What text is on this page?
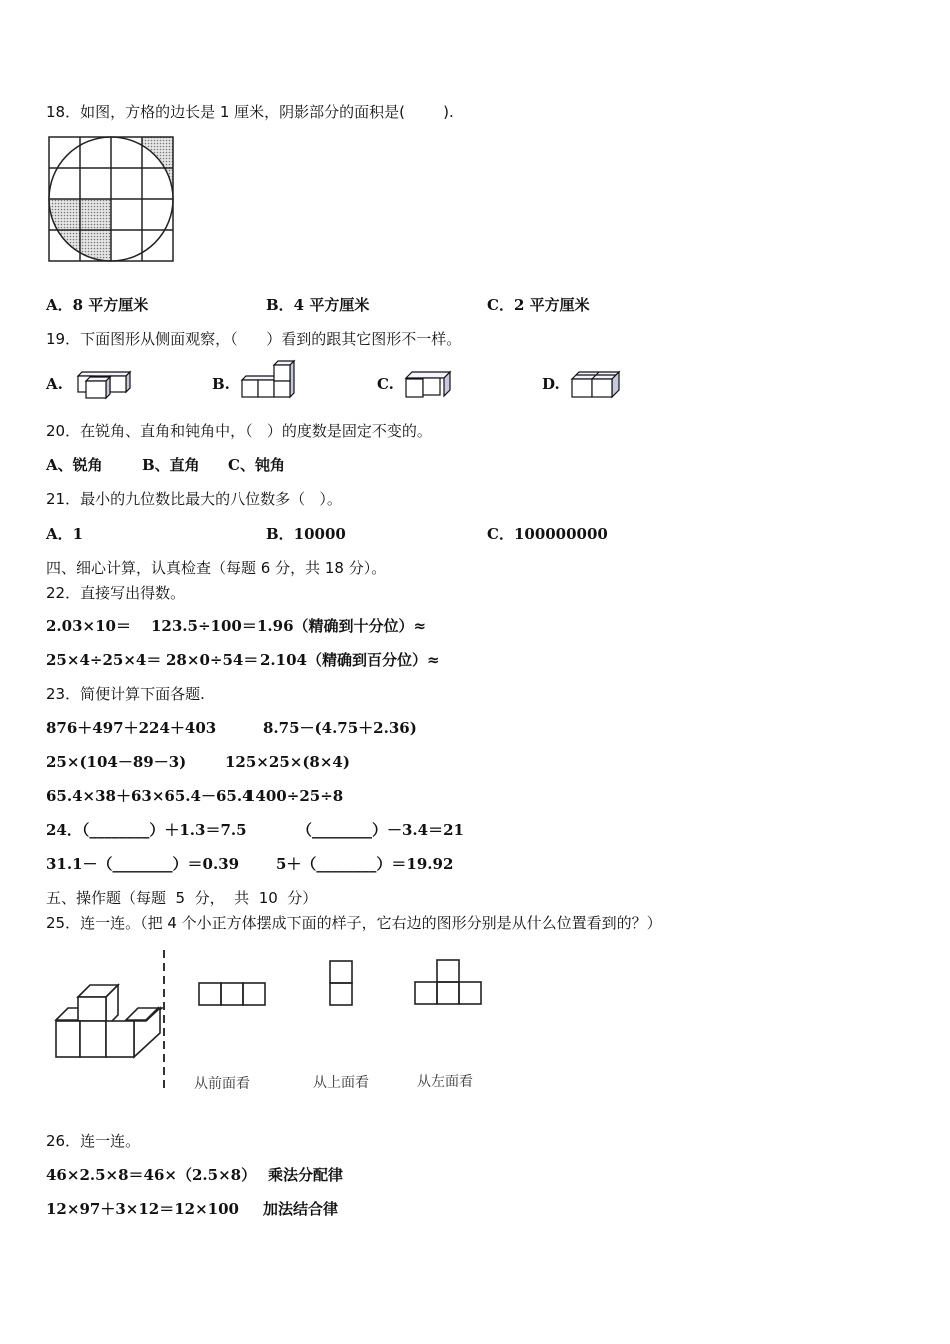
18．如图，方格的边长是 1 厘米，阴影部分的面积是(        ).
A．8 平方厘米	B．4 平方厘米	C．2 平方厘米
19．下面图形从侧面观察，（      ）看到的跟其它图形不一样。
A.	B.	C.	D.
20．在锐角、直角和钝角中，（   ）的度数是固定不变的。
A、锐角	B、直角 C、钝角
21．最小的九位数比最大的八位数多（   ）。
A．1	B．10000	C．100000000
四、细心计算，认真检查（每题 6 分，共 18 分）。
22．直接写出得数。
2.03×10＝ 123.5÷100＝ 1.96（精确到十分位）≈
25×4÷25×4＝ 28×0÷54＝ 2.104（精确到百分位）≈
23．简便计算下面各题.
876＋497＋224＋403	8.75－(4.75＋2.36)
25×(104－89－3)	125×25×(8×4)
65.4×38＋63×65.4－65.4
1400÷25÷8
24．（________）＋1.3＝7.5	（________）－3.4＝21
31.1－（________）＝0.39 5＋（________）＝19.92
五、操作题（每题  5  分，  共  10  分）
25．连一连。（把 4 个小正方体摆成下面的样子，它右边的图形分别是从什么位置看到的？）
从前面看	从上面看	从左面看
26．连一连。
46×2.5×8＝46×（2.5×8） 乘法分配律
12×97＋3×12＝12×100 加法结合律
